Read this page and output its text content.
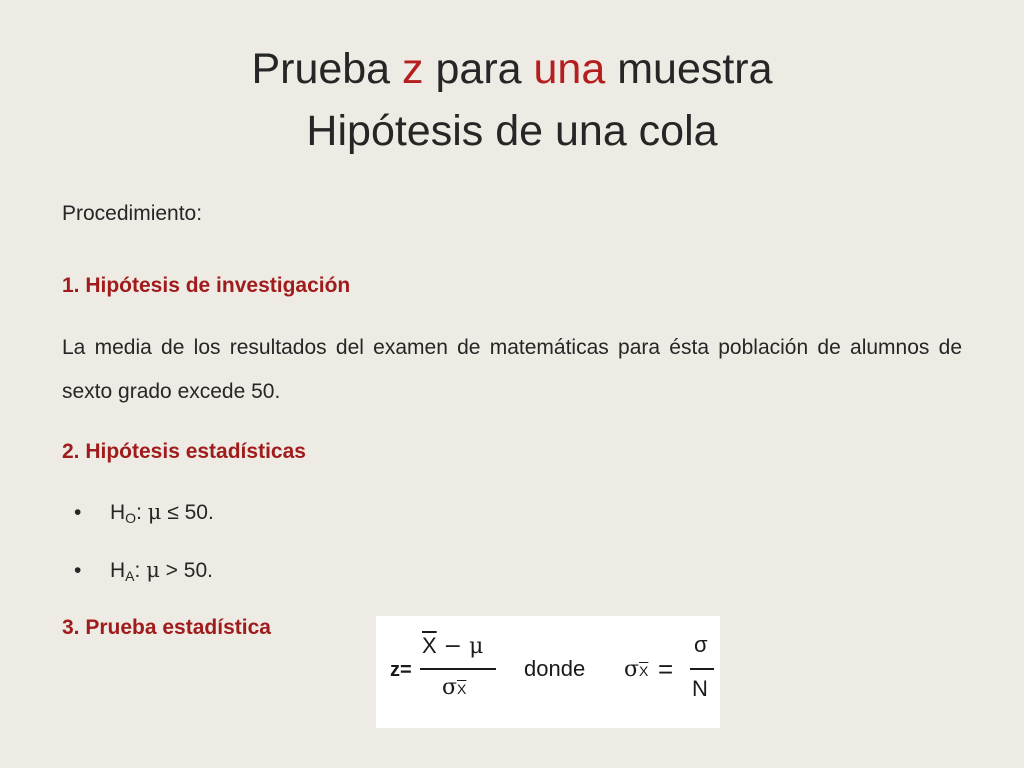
Prueba z para una muestra
Hipótesis de una cola
Procedimiento:
1. Hipótesis de investigación
La media de los resultados del examen de matemáticas para ésta población de alumnos de sexto grado excede 50.
2. Hipótesis estadísticas
• $H_O$: μ ≤ 50.
• $H_A$: μ > 50.
3. Prueba estadística
z=
$\overline{X} - \mu$
$\sigma\overline{X}$
donde $\sigma\overline{X}$ =
σ
N
